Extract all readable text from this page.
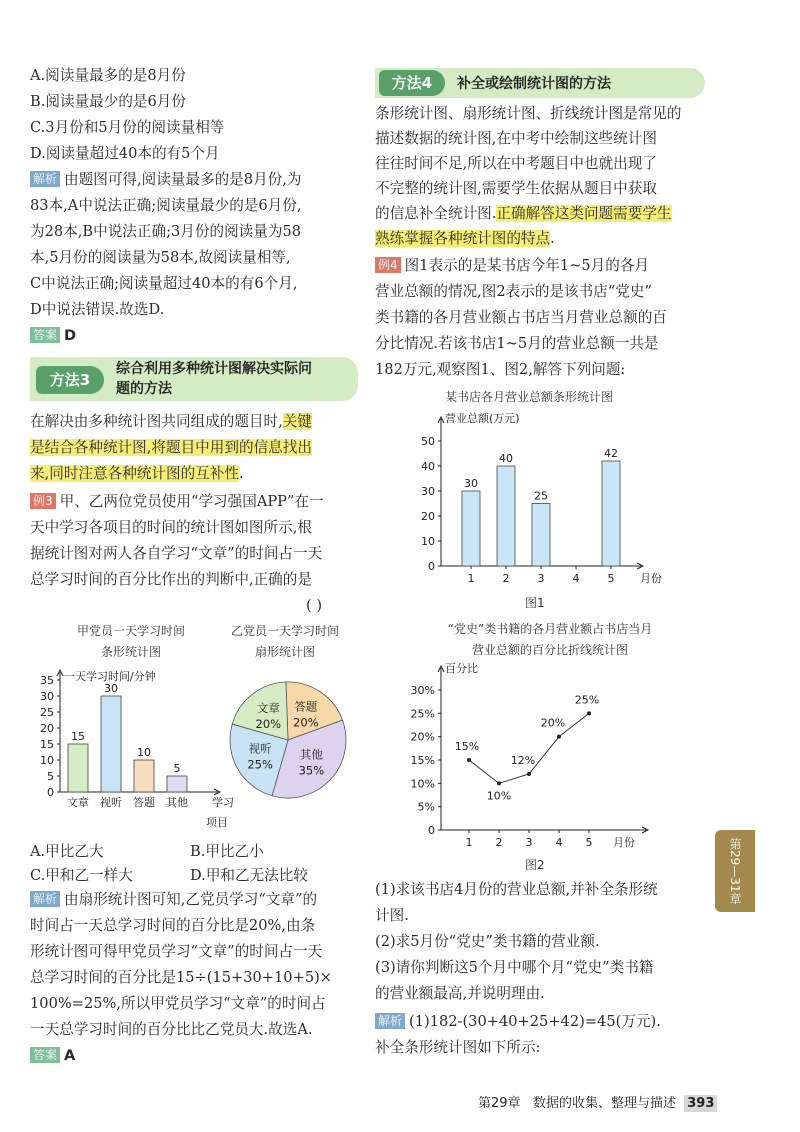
A.阅读量最多的是8月份
B.阅读量最少的是6月份
C.3月份和5月份的阅读量相等
D.阅读量超过40本的有5个月
解析 由题图可得,阅读量最多的是8月份,为
83本,A中说法正确;阅读量最少的是6月份,
为28本,B中说法正确;3月份的阅读量为58
本,5月份的阅读量为58本,故阅读量相等,
C中说法正确;阅读量超过40本的有6个月,
D中说法错误.故选D.
答案 D
方法3
综合利用多种统计图解决实际问
题的方法
在解决由多种统计图共同组成的题目时,关键
是结合各种统计图,将题目中用到的信息找出
来,同时注意各种统计图的互补性.
例3 甲、乙两位党员使用“学习强国APP”在一
天中学习各项目的时间的统计图如图所示,根
据统计图对两人各自学习“文章”的时间占一天
总学习时间的百分比作出的判断中,正确的是
( )
甲党员一天学习时间
条形统计图
乙党员一天学习时间
扇形统计图
一天学习时间/分钟
0
5
10
15
20
25
30
35
15
文章
30
视听
10
答题
5
其他 学习
项目
答题
20%
其他
35%
视听
25%
文章
20%
A.甲比乙大	B.甲比乙小
C.甲和乙一样大	D.甲和乙无法比较
解析 由扇形统计图可知,乙党员学习“文章”的
时间占一天总学习时间的百分比是20%,由条
形统计图可得甲党员学习“文章”的时间占一天
总学习时间的百分比是15÷(15+30+10+5)×
100%=25%,所以甲党员学习“文章”的时间占
一天总学习时间的百分比比乙党员大.故选A.
答案 A
方法4	补全或绘制统计图的方法
条形统计图、扇形统计图、折线统计图是常见的
描述数据的统计图,在中考中绘制这些统计图
往往时间不足,所以在中考题目中也就出现了
不完整的统计图,需要学生依据从题目中获取
的信息补全统计图.正确解答这类问题需要学生
熟练掌握各种统计图的特点.
例4 图1表示的是某书店今年1~5月的各月
营业总额的情况,图2表示的是该书店“党史”
类书籍的各月营业额占书店当月营业总额的百
分比情况.若该书店1~5月的营业总额一共是
182万元,观察图1、图2,解答下列问题:
某书店各月营业总额条形统计图
营业总额(万元)
0
10
20
30
40
50
30
1
40
2
25
3	4
42
5 月份
图1
“党史”类书籍的各月营业额占书店当月
营业总额的百分比折线统计图
百分比
0
5%
10%
15%
20%
25%
30%
15%
1
10%
2
12%
3
20%
4
25%
5 月份
图2
(1)求该书店4月份的营业总额,并补全条形统
计图.
(2)求5月份“党史”类书籍的营业额.
(3)请你判断这5个月中哪个月“党史”类书籍
的营业额最高,并说明理由.
解析 (1)182-(30+40+25+42)=45(万元).
补全条形统计图如下所示:
第29—31章
第29章 数据的收集、整理与描述 393
